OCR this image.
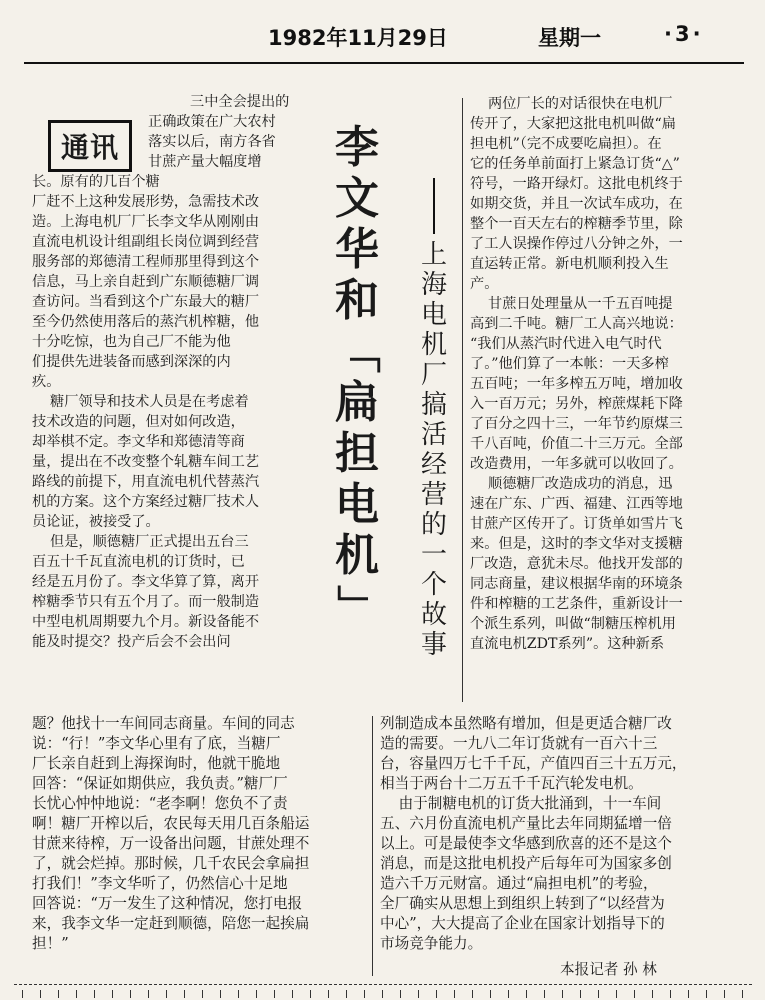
1982年11月29日	星期一	·3·
通讯
三中全会提出的
正确政策在广大农村
落实以后，南方各省
甘蔗产量大幅度增

长。原有的几百个糖
厂赶不上这种发展形势，急需技术改
造。上海电机厂厂长李文华从刚刚由
直流电机设计组副组长岗位调到经营
服务部的郑德清工程师那里得到这个
信息，马上亲自赶到广东顺德糖厂调
查访问。当看到这个广东最大的糖厂
至今仍然使用落后的蒸汽机榨糖，他
十分吃惊，也为自己厂不能为他
们提供先进装备而感到深深的内
疚。

糖厂领导和技术人员是在考虑着
技术改造的问题，但对如何改造，
却举棋不定。李文华和郑德清等商
量，提出在不改变整个轧糖车间工艺
路线的前提下，用直流电机代替蒸汽
机的方案。这个方案经过糖厂技术人
员论证，被接受了。

但是，顺德糖厂正式提出五台三
百五十千瓦直流电机的订货时，已
经是五月份了。李文华算了算，离开
榨糖季节只有五个月了。而一般制造
中型电机周期要九个月。新设备能不
能及时提交？投产后会不会出问

李
文
华
和
「
扁
担
电
机
」
上
海
电
机
厂
搞
活
经
营
的
一
个
故
事

两位厂长的对话很快在电机厂
传开了，大家把这批电机叫做“扁
担电机”（完不成要吃扁担）。在
它的任务单前面打上紧急订货“△”
符号，一路开绿灯。这批电机终于
如期交货，并且一次试车成功，在
整个一百天左右的榨糖季节里，除
了工人误操作停过八分钟之外，一
直运转正常。新电机顺利投入生
产。

甘蔗日处理量从一千五百吨提
高到二千吨。糖厂工人高兴地说：
“我们从蒸汽时代进入电气时代
了。”他们算了一本帐：一天多榨
五百吨；一年多榨五万吨，增加收
入一百万元；另外，榨蔗煤耗下降
了百分之四十三，一年节约原煤三
千八百吨，价值二十三万元。全部
改造费用，一年多就可以收回了。

顺德糖厂改造成功的消息，迅
速在广东、广西、福建、江西等地
甘蔗产区传开了。订货单如雪片飞
来。但是，这时的李文华对支援糖
厂改造，意犹未尽。他找开发部的
同志商量，建议根据华南的环境条
件和榨糖的工艺条件，重新设计一
个派生系列，叫做“制糖压榨机用
直流电机ZDT系列”。这种新系

题？他找十一车间同志商量。车间的同志
说：“行！”李文华心里有了底，当糖厂
厂长亲自赶到上海探询时，他就干脆地
回答：“保证如期供应，我负责。”糖厂厂
长忧心忡忡地说：“老李啊！您负不了责
啊！糖厂开榨以后，农民每天用几百条船运
甘蔗来待榨，万一设备出问题，甘蔗处理不
了，就会烂掉。那时候，几千农民会拿扁担
打我们！”李文华听了，仍然信心十足地
回答说：“万一发生了这种情况，您打电报
来，我李文华一定赶到顺德，陪您一起挨扁
担！”

列制造成本虽然略有增加，但是更适合糖厂改
造的需要。一九八二年订货就有一百六十三
台，容量四万七千千瓦，产值四百三十五万元，
相当于两台十二万五千千瓦汽轮发电机。
由于制糖电机的订货大批涌到，十一车间
五、六月份直流电机产量比去年同期猛增一倍
以上。可是最使李文华感到欣喜的还不是这个
消息，而是这批电机投产后每年可为国家多创
造六千万元财富。通过“扁担电机”的考验，
全厂确实从思想上到组织上转到了“以经营为
中心”，大大提高了企业在国家计划指导下的
市场竞争能力。

本报记者 孙 林
